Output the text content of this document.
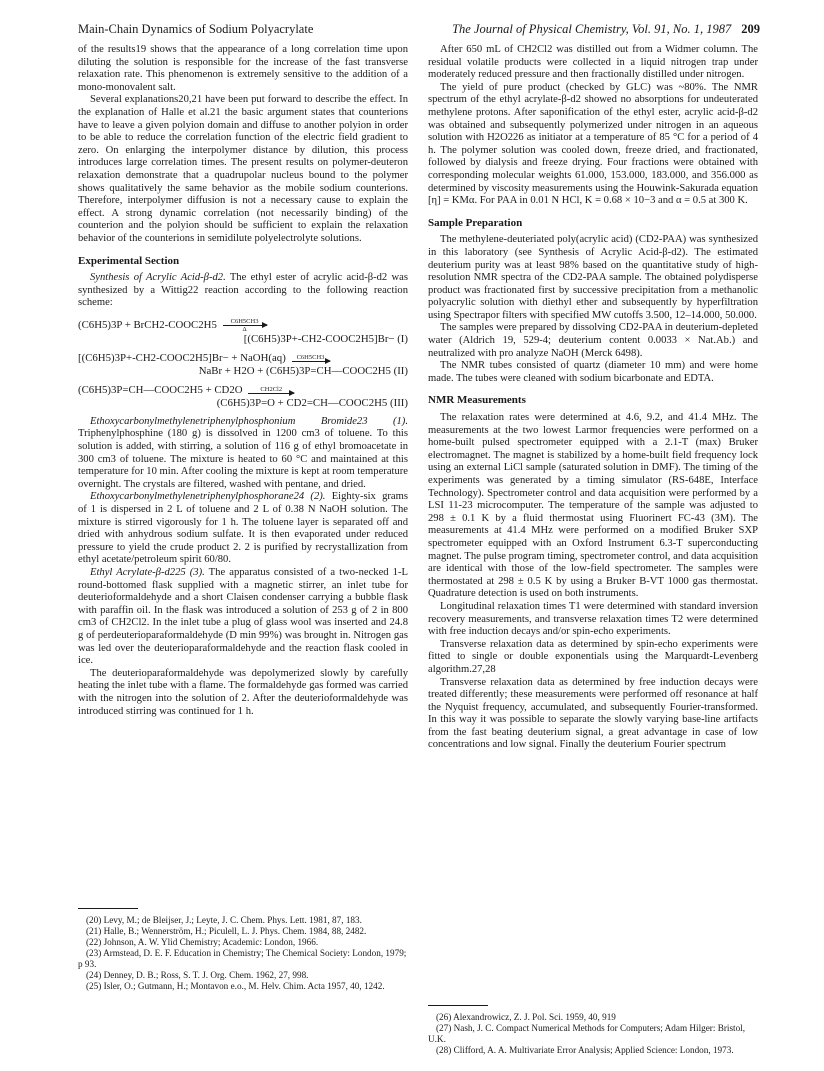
Main-Chain Dynamics of Sodium Polyacrylate	The Journal of Physical Chemistry, Vol. 91, No. 1, 1987 209

of the results19 shows that the appearance of a long correlation time upon diluting the solution is responsible for the increase of the fast transverse relaxation rate. This phenomenon is extremely sensitive to the addition of a mono-monovalent salt.

Several explanations20,21 have been put forward to describe the effect. In the explanation of Halle et al.21 the basic argument states that counterions have to leave a given polyion domain and diffuse to another polyion in order to be able to reduce the correlation function of the electric field gradient to zero. On enlarging the interpolymer distance by dilution, this process introduces large correlation times. The present results on polymer-deuteron relaxation demonstrate that a quadrupolar nucleus bound to the polymer shows qualitatively the same behavior as the mobile sodium counterions. Therefore, interpolymer diffusion is not a necessary cause to explain the effect. A strong dynamic correlation (not necessarily binding) of the counterion and the polyion should be sufficient to explain the relaxation behavior of the counterions in semidilute polyelectrolyte solutions.

Experimental Section

Synthesis of Acrylic Acid-β-d2. The ethyl ester of acrylic acid-β-d2 was synthesized by a Wittig22 reaction according to the following reaction scheme:

(C6H5)3P + BrCH2-COOC2H5 $\frac{C6H5CH3}{\Delta}$
[(C6H5)3P+-CH2-COOC2H5]Br− (I)
[(C6H5)3P+-CH2-COOC2H5]Br− + NaOH(aq)	C6H5CH3
NaBr + H2O + (C6H5)3P=CH—COOC2H5 (II)
(C6H5)3P=CH—COOC2H5 + CD2O	CH2Cl2
(C6H5)3P=O + CD2=CH—COOC2H5 (III)

Ethoxycarbonylmethylenetriphenylphosphonium Bromide23 (1). Triphenylphosphine (180 g) is dissolved in 1200 cm3 of toluene. To this solution is added, with stirring, a solution of 116 g of ethyl bromoacetate in 300 cm3 of toluene. The mixture is heated to 60 °C and maintained at this temperature for 10 min. After cooling the mixture is kept at room temperature overnight. The crystals are filtered, washed with pentane, and dried.

Ethoxycarbonylmethylenetriphenylphosphorane24 (2). Eighty-six grams of 1 is dispersed in 2 L of toluene and 2 L of 0.38 N NaOH solution. The mixture is stirred vigorously for 1 h. The toluene layer is separated off and dried with anhydrous sodium sulfate. It is then evaporated under reduced pressure to yield the crude product 2. 2 is purified by recrystallization from ethyl acetate/petroleum spirit 60/80.

Ethyl Acrylate-β-d225 (3). The apparatus consisted of a two-necked 1-L round-bottomed flask supplied with a magnetic stirrer, an inlet tube for deuterioformaldehyde and a short Claisen condenser carrying a bubble flask with paraffin oil. In the flask was introduced a solution of 253 g of 2 in 800 cm3 of CH2Cl2. In the inlet tube a plug of glass wool was inserted and 24.8 g of perdeuterioparaformaldehyde (D min 99%) was brought in. Nitrogen gas was led over the deuterioparaformaldehyde and the reaction flask cooled in ice.

The deuterioparaformaldehyde was depolymerized slowly by carefully heating the inlet tube with a flame. The formaldehyde gas formed was carried with the nitrogen into the solution of 2. After the deuterioformaldehyde was introduced stirring was continued for 1 h.

(20) Levy, M.; de Bleijser, J.; Leyte, J. C. Chem. Phys. Lett. 1981, 87, 183.

(21) Halle, B.; Wennerström, H.; Piculell, L. J. Phys. Chem. 1984, 88, 2482.

(22) Johnson, A. W. Ylid Chemistry; Academic: London, 1966.

(23) Armstead, D. E. F. Education in Chemistry; The Chemical Society: London, 1979; p 93.

(24) Denney, D. B.; Ross, S. T. J. Org. Chem. 1962, 27, 998.

(25) Isler, O.; Gutmann, H.; Montavon e.o., M. Helv. Chim. Acta 1957, 40, 1242.

After 650 mL of CH2Cl2 was distilled out from a Widmer column. The residual volatile products were collected in a liquid nitrogen trap under moderately reduced pressure and then fractionally distilled under nitrogen.

The yield of pure product (checked by GLC) was ~80%. The NMR spectrum of the ethyl acrylate-β-d2 showed no absorptions for undeuterated methylene protons. After saponification of the ethyl ester, acrylic acid-β-d2 was obtained and subsequently polymerized under nitrogen in an aqueous solution with H2O226 as initiator at a temperature of 85 °C for a period of 4 h. The polymer solution was cooled down, freeze dried, and fractionated, followed by dialysis and freeze drying. Four fractions were obtained with corresponding molecular weights 61.000, 153.000, 183.000, and 356.000 as determined by viscosity measurements using the Houwink-Sakurada equation [η] = KMα. For PAA in 0.01 N HCl, K = 0.68 × 10−3 and α = 0.5 at 300 K.

Sample Preparation

The methylene-deuteriated poly(acrylic acid) (CD2-PAA) was synthesized in this laboratory (see Synthesis of Acrylic Acid-β-d2). The estimated deuterium purity was at least 98% based on the quantitative study of high-resolution NMR spectra of the CD2-PAA sample. The obtained polydisperse product was fractionated first by successive precipitation from a methanolic polyacrylic solution with diethyl ether and subsequently by hyperfiltration using Spectrapor filters with specified MW cutoffs 3.500, 12–14.000, 50.000.

The samples were prepared by dissolving CD2-PAA in deuterium-depleted water (Aldrich 19, 529-4; deuterium content 0.0033 × Nat.Ab.) and neutralized with pro analyze NaOH (Merck 6498).

The NMR tubes consisted of quartz (diameter 10 mm) and were home made. The tubes were cleaned with sodium bicarbonate and EDTA.

NMR Measurements

The relaxation rates were determined at 4.6, 9.2, and 41.4 MHz. The measurements at the two lowest Larmor frequencies were performed on a home-built pulsed spectrometer equipped with a 2.1-T (max) Bruker electromagnet. The magnet is stabilized by a home-built field frequency lock using an external LiCl sample (saturated solution in DMF). The timing of the experiments was generated by a timing simulator (RS-648E, Interface Technology). Spectrometer control and data acquisition were performed by a LSI 11-23 microcomputer. The temperature of the sample was adjusted to 298 ± 0.1 K by a fluid thermostat using Fluorinert FC-43 (3M). The measurements at 41.4 MHz were performed on a modified Bruker SXP spectrometer equipped with an Oxford Instrument 6.3-T superconducting magnet. The pulse program timing, spectrometer control, and data acquisition are identical with those of the low-field spectrometer. The samples were thermostated at 298 ± 0.5 K by using a Bruker B-VT 1000 gas thermostat. Quadrature detection is used on both instruments.

Longitudinal relaxation times T1 were determined with standard inversion recovery measurements, and transverse relaxation times T2 were determined with free induction decays and/or spin-echo experiments.

Transverse relaxation data as determined by spin-echo experiments were fitted to single or double exponentials using the Marquardt-Levenberg algorithm.27,28

Transverse relaxation data as determined by free induction decays were treated differently; these measurements were performed off resonance at half the Nyquist frequency, accumulated, and subsequently Fourier-transformed. In this way it was possible to separate the slowly varying base-line artifacts from the fast beating deuterium signal, a great advantage in case of low concentrations and low signal. Finally the deuterium Fourier spectrum

(26) Alexandrowicz, Z. J. Pol. Sci. 1959, 40, 919

(27) Nash, J. C. Compact Numerical Methods for Computers; Adam Hilger: Bristol, U.K.

(28) Clifford, A. A. Multivariate Error Analysis; Applied Science: London, 1973.
